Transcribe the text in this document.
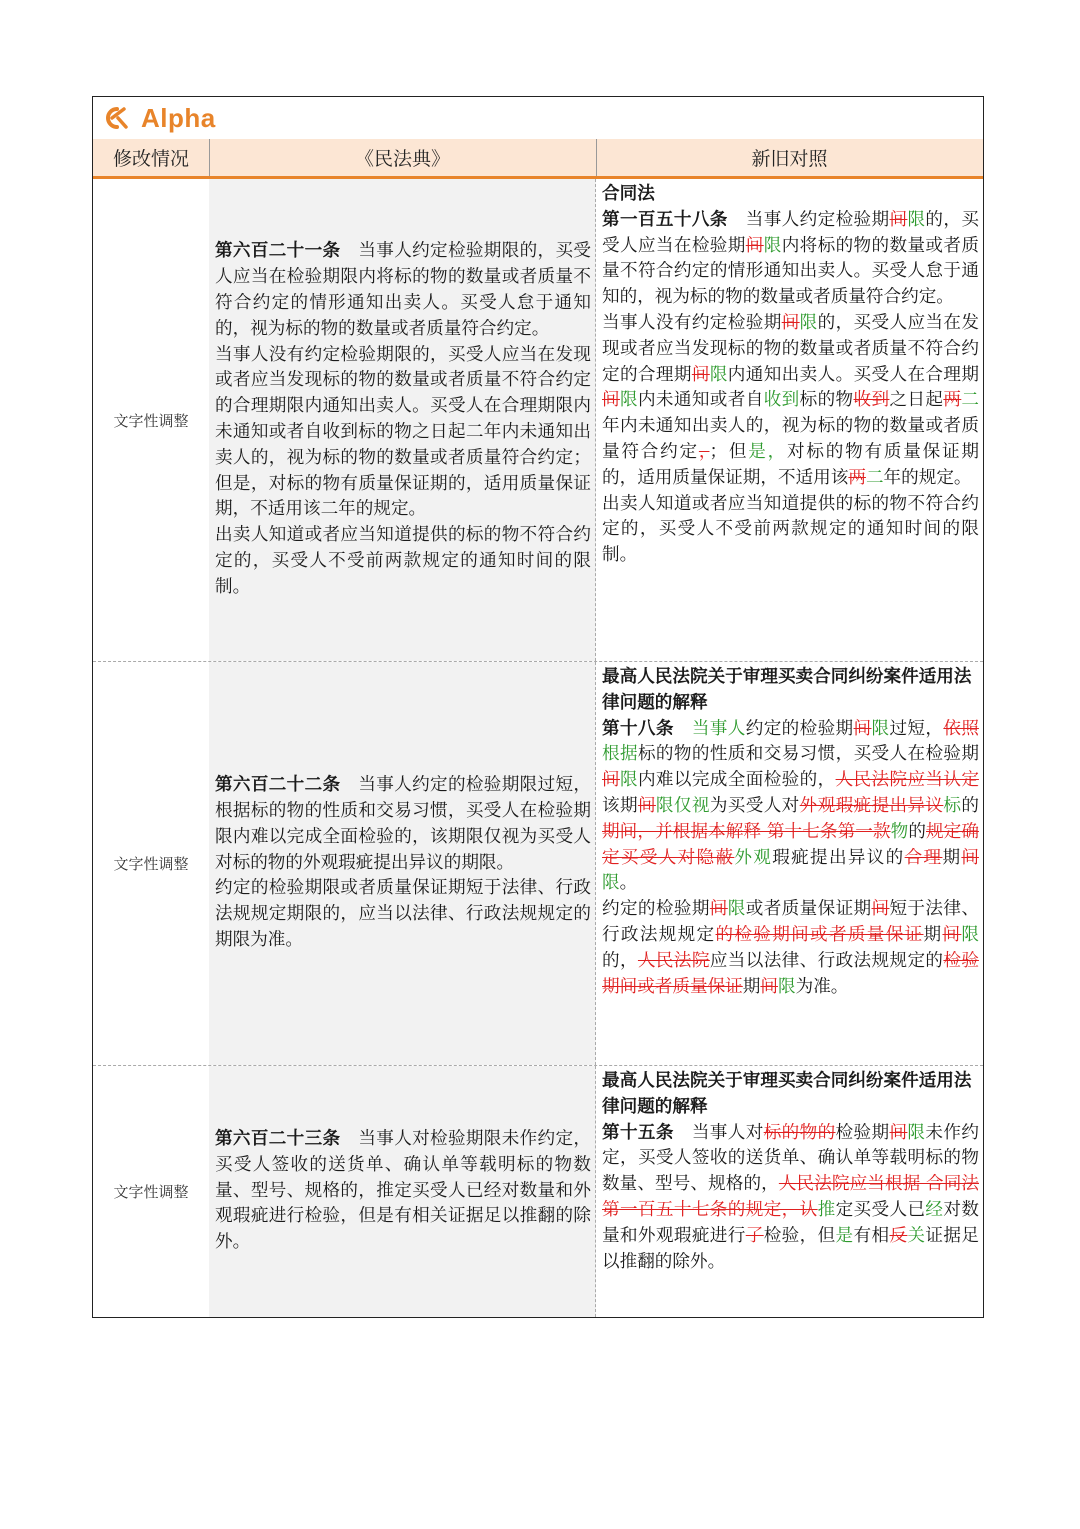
Alpha
修改情况	《民法典》	新旧对照
文字性调整

第六百二十一条　 当事人约定检验期限的，买受人应当在检验期限内将标的物的数量或者质量不符合约定的情形通知出卖人。买受人怠于通知的，视为标的物的数量或者质量符合约定。

当事人没有约定检验期限的，买受人应当在发现或者应当发现标的物的数量或者质量不符合约定的合理期限内通知出卖人。买受人在合理期限内未通知或者自收到标的物之日起二年内未通知出卖人的，视为标的物的数量或者质量符合约定；但是，对标的物有质量保证期的，适用质量保证期，不适用该二年的规定。

出卖人知道或者应当知道提供的标的物不符合约定的，买受人不受前两款规定的通知时间的限制。

合同法

第一百五十八条　 当事人约定检验期间限的，买受人应当在检验期间限内将标的物的数量或者质量不符合约定的情形通知出卖人。买受人怠于通知的，视为标的物的数量或者质量符合约定。

当事人没有约定检验期间限的，买受人应当在发现或者应当发现标的物的数量或者质量不符合约定的合理期间限内通知出卖人。买受人在合理期间限内未通知或者自收到标的物收到之日起两二年内未通知出卖人的，视为标的物的数量或者质量符合约定，；但是，对标的物有质量保证期的，适用质量保证期，不适用该两二年的规定。

出卖人知道或者应当知道提供的标的物不符合约定的，买受人不受前两款规定的通知时间的限制。

文字性调整

第六百二十二条　 当事人约定的检验期限过短，根据标的物的性质和交易习惯，买受人在检验期限内难以完成全面检验的，该期限仅视为买受人对标的物的外观瑕疵提出异议的期限。

约定的检验期限或者质量保证期短于法律、行政法规规定期限的，应当以法律、行政法规规定的期限为准。

最高人民法院关于审理买卖合同纠纷案件适用法律问题的解释

第十八条　 当事人约定的检验期间限过短，依照根据标的物的性质和交易习惯，买受人在检验期间限内难以完成全面检验的，人民法院应当认定该期间限仅视为买受人对外观瑕疵提出异议标的期间，并根据本解释 第十七条第一款物的规定确定买受人对隐蔽外观瑕疵提出异议的合理期间限。

约定的检验期间限或者质量保证期间短于法律、行政法规规定的检验期间或者质量保证期间限的，人民法院应当以法律、行政法规规定的检验期间或者质量保证期间限为准。

文字性调整

第六百二十三条　 当事人对检验期限未作约定，买受人签收的送货单、确认单等载明标的物数量、型号、规格的，推定买受人已经对数量和外观瑕疵进行检验，但是有相关证据足以推翻的除外。

最高人民法院关于审理买卖合同纠纷案件适用法律问题的解释

第十五条　 当事人对标的物的检验期间限未作约定，买受人签收的送货单、确认单等载明标的物数量、型号、规格的，人民法院应当根据 合同法第一百五十七条的规定，认推定买受人已经对数量和外观瑕疵进行了检验，但是有相反关证据足以推翻的除外。
